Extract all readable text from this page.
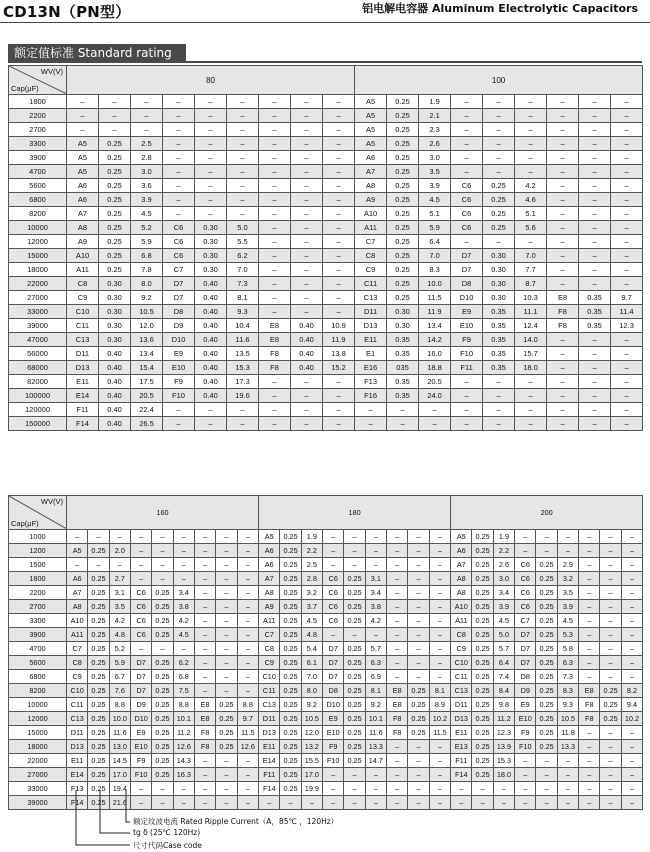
CD13N（PN型）	铝电解电容器 Aluminum Electrolytic Capacitors
额定值标准 Standard rating
WV(V)
Cap(μF)	80									100								
1800	–	–	–	–	–	–	–	–	–	A5	0.25	1.9	–	–	–	–	–	–
2200	–	–	–	–	–	–	–	–	–	A5	0.25	2.1	–	–	–	–	–	–
2700	–	–	–	–	–	–	–	–	–	A5	0.25	2.3	–	–	–	–	–	–
3300	A5	0.25	2.5	–	–	–	–	–	–	A5	0.25	2.6	–	–	–	–	–	–
3900	A5	0.25	2.8	–	–	–	–	–	–	A6	0.25	3.0	–	–	–	–	–	–
4700	A5	0.25	3.0	–	–	–	–	–	–	A7	0.25	3.5	–	–	–	–	–	–
5600	A6	0.25	3.6	–	–	–	–	–	–	A8	0.25	3.9	C6	0.25	4.2	–	–	–
6800	A6	0.25	3.9	–	–	–	–	–	–	A9	0.25	4.5	C6	0.25	4.6	–	–	–
8200	A7	0.25	4.5	–	–	–	–	–	–	A10	0.25	5.1	C6	0.25	5.1	–	–	–
10000	A8	0.25	5.2	C6	0.30	5.0	–	–	–	A11	0.25	5.9	C6	0.25	5.6	–	–	–
12000	A9	0.25	5.9	C6	0.30	5.5	–	–	–	C7	0.25	6.4	–	–	–	–	–	–
15000	A10	0.25	6.8	C6	0.30	6.2	–	–	–	C8	0.25	7.0	D7	0.30	7.0	–	–	–
18000	A11	0.25	7.8	C7	0.30	7.0	–	–	–	C9	0.25	8.3	D7	0.30	7.7	–	–	–
22000	C8	0.30	8.0	D7	0.40	7.3	–	–	–	C11	0.25	10.0	D8	0.30	8.7	–	–	–
27000	C9	0.30	9.2	D7	0.40	8.1	–	–	–	C13	0.25	11.5	D10	0.30	10.3	E8	0.35	9.7
33000	C10	0.30	10.5	D8	0.40	9.3	–	–	–	D11	0.30	11.9	E9	0.35	11.1	F8	0.35	11.4
39000	C11	0.30	12.0	D9	0.40	10.4	E8	0.40	10.9	D13	0.30	13.4	E10	0.35	12.4	F8	0.35	12.3
47000	C13	0.30	13.6	D10	0.40	11.6	E8	0.40	11.9	E11	0.35	14.2	F9	0.35	14.0	–	–	–
56000	D11	0.40	13.4	E9	0.40	13.5	F8	0.40	13.8	E1	0.35	16.0	F10	0.35	15.7	–	–	–
68000	D13	0.40	15.4	E10	0.40	15.3	F8	0.40	15.2	E16	035	18.8	F11	0.35	18.0	–	–	–
82000	E11	0.40	17.5	F9	0.40	17.3	–	–	–	F13	0.35	20.5	–	–	–	–	–	–
100000	E14	0.40	20.5	F10	0.40	19.6	–	–	–	F16	0.35	24.0	–	–	–	–	–	–
120000	F11	0.40	22.4	–	–	–	–	–	–	–	–	–	–	–	–	–	–	–
150000	F14	0.40	26.5	–	–	–	–	–	–	–	–	–	–	–	–	–	–	–
WV(V)
Cap(μF)	160									180									200								
1000	–	–	–	–	–	–	–	–	–	A5	0.25	1.9	–	–	–	–	–	–	A5	0.25	1.9	–	–	–	–	–	–
1200	A5	0.25	2.0	–	–	–	–	–	–	A6	0.25	2.2	–	–	–	–	–	–	A6	0.25	2.2	–	–	–	–	–	–
1500	–	–	–	–	–	–	–	–	–	A6	0.25	2.5	–	–	–	–	–	–	A7	0.25	2.6	C6	0.25	2.9	–	–	–
1800	A6	0.25	2.7	–	–	–	–	–	–	A7	0.25	2.8	C6	0.25	3.1	–	–	–	A8	0.25	3.0	C6	0.25	3.2	–	–	–
2200	A7	0.25	3.1	C6	0.25	3.4	–	–	–	A8	0.25	3.2	C6	0.25	3.4	–	–	–	A8	0.25	3.4	C6	0.25	3.5	–	–	–
2700	A8	0.25	3.5	C6	0.25	3.8	–	–	–	A9	0.25	3.7	C6	0.25	3.8	–	–	–	A10	0.25	3.9	C6	0.25	3.9	–	–	–
3300	A10	0.25	4.2	C6	0.25	4.2	–	–	–	A11	0.25	4.5	C6	0.25	4.2	–	–	–	A11	0.25	4.5	C7	0.25	4.5	–	–	–
3900	A11	0.25	4.8	C6	0.25	4.5	–	–	–	C7	0.25	4.8	–	–	–	–	–	–	C8	0.25	5.0	D7	0.25	5.3	–	–	–
4700	C7	0.25	5.2	–	–	–	–	–	–	C8	0.25	5.4	D7	0.25	5.7	–	–	–	C9	0.25	5.7	D7	0.25	5.8	–	–	–
5600	C8	0.25	5.9	D7	0.25	6.2	–	–	–	C9	0.25	6.1	D7	0.25	6.3	–	–	–	C10	0.25	6.4	D7	0.25	6.3	–	–	–
6800	C9	0.25	6.7	D7	0.25	6.8	–	–	–	C10	0.25	7.0	D7	0.25	6.9	–	–	–	C11	0.25	7.4	D8	0.25	7.3	–	–	–
8200	C10	0.25	7.6	D7	0.25	7.5	–	–	–	C11	0.25	8.0	D8	0.25	8.1	E8	0.25	8.1	C13	0.25	8.4	D9	0.25	8.3	E8	0.25	8.2
10000	C11	0.25	8.8	D9	0.25	8.8	E8	0.25	8.8	C13	0.25	9.2	D10	0.25	9.2	E8	0.25	8.9	D11	0.25	9.8	E9	0.25	9.3	F8	0.25	9.4
12000	C13	0.25	10.0	D10	0.25	10.1	E8	0.25	9.7	D11	0.25	10.5	E9	0.25	10.1	F8	0.25	10.2	D13	0.25	11.2	E10	0.25	10.5	F8	0.25	10.2
15000	D11	0.25	11.6	E9	0.25	11.2	F8	0.25	11.5	D13	0.25	12.0	E10	0.25	11.6	F8	0.25	11.5	E11	0.25	12.3	F9	0.25	11.8	–	–	–
18000	D13	0.25	13.0	E10	0.25	12.6	F8	0.25	12.6	E11	0.25	13.2	F9	0.25	13.3	–	–	–	E13	0.25	13.9	F10	0.25	13.3	–	–	–
22000	E11	0.25	14.5	F9	0.25	14.3	–	–	–	E14	0.25	15.5	F10	0.25	14.7	–	–	–	F11	0.25	15.3	–	–	–	–	–	–
27000	E14	0.25	17.0	F10	0.25	16.3	–	–	–	F11	0.25	17.0	–	–	–	–	–	–	F14	0.25	18.0	–	–	–	–	–	–
33000	F13	0.25	19.4	–	–	–	–	–	–	F14	0.25	19.9	–	–	–	–	–	–	–	–	–	–	–	–	–	–	–
39000	F14	0.25	21.6	–	–	–	–	–	–	–	–	–	–	–	–	–	–	–	–	–	–	–	–	–	–	–	–
额定纹波电流 Rated Ripple Current（A，85℃ ，120Hz）
tg δ (25℃ 120Hz)
尺寸代码Case code
